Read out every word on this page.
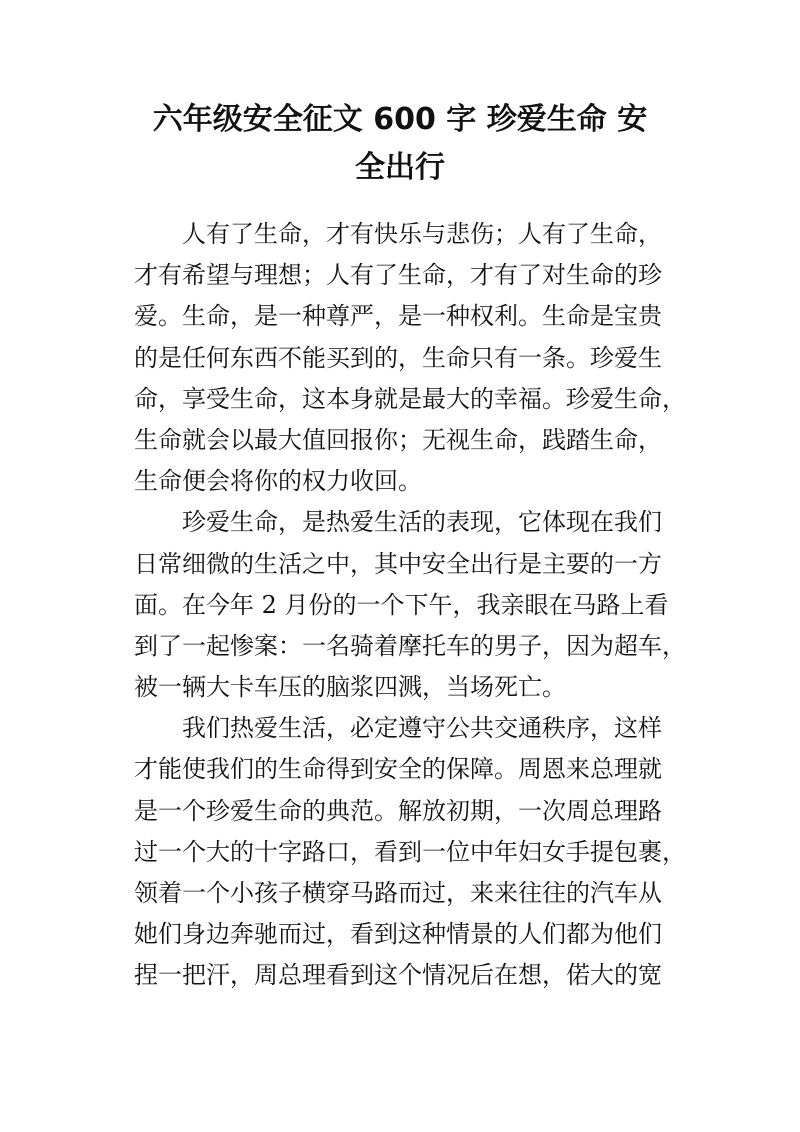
六年级安全征文 600 字 珍爱生命 安
全出行
人有了生命，才有快乐与悲伤；人有了生命，
才有希望与理想；人有了生命，才有了对生命的珍
爱。生命，是一种尊严，是一种权利。生命是宝贵
的是任何东西不能买到的，生命只有一条。珍爱生
命，享受生命，这本身就是最大的幸福。珍爱生命，
生命就会以最大值回报你；无视生命，践踏生命，
生命便会将你的权力收回。
珍爱生命，是热爱生活的表现，它体现在我们
日常细微的生活之中，其中安全出行是主要的一方
面。在今年 2 月份的一个下午，我亲眼在马路上看
到了一起惨案：一名骑着摩托车的男子，因为超车，
被一辆大卡车压的脑浆四溅，当场死亡。
我们热爱生活，必定遵守公共交通秩序，这样
才能使我们的生命得到安全的保障。周恩来总理就
是一个珍爱生命的典范。解放初期，一次周总理路
过一个大的十字路口，看到一位中年妇女手提包裹，
领着一个小孩子横穿马路而过，来来往往的汽车从
她们身边奔驰而过，看到这种情景的人们都为他们
捏一把汗，周总理看到这个情况后在想，偌大的宽
